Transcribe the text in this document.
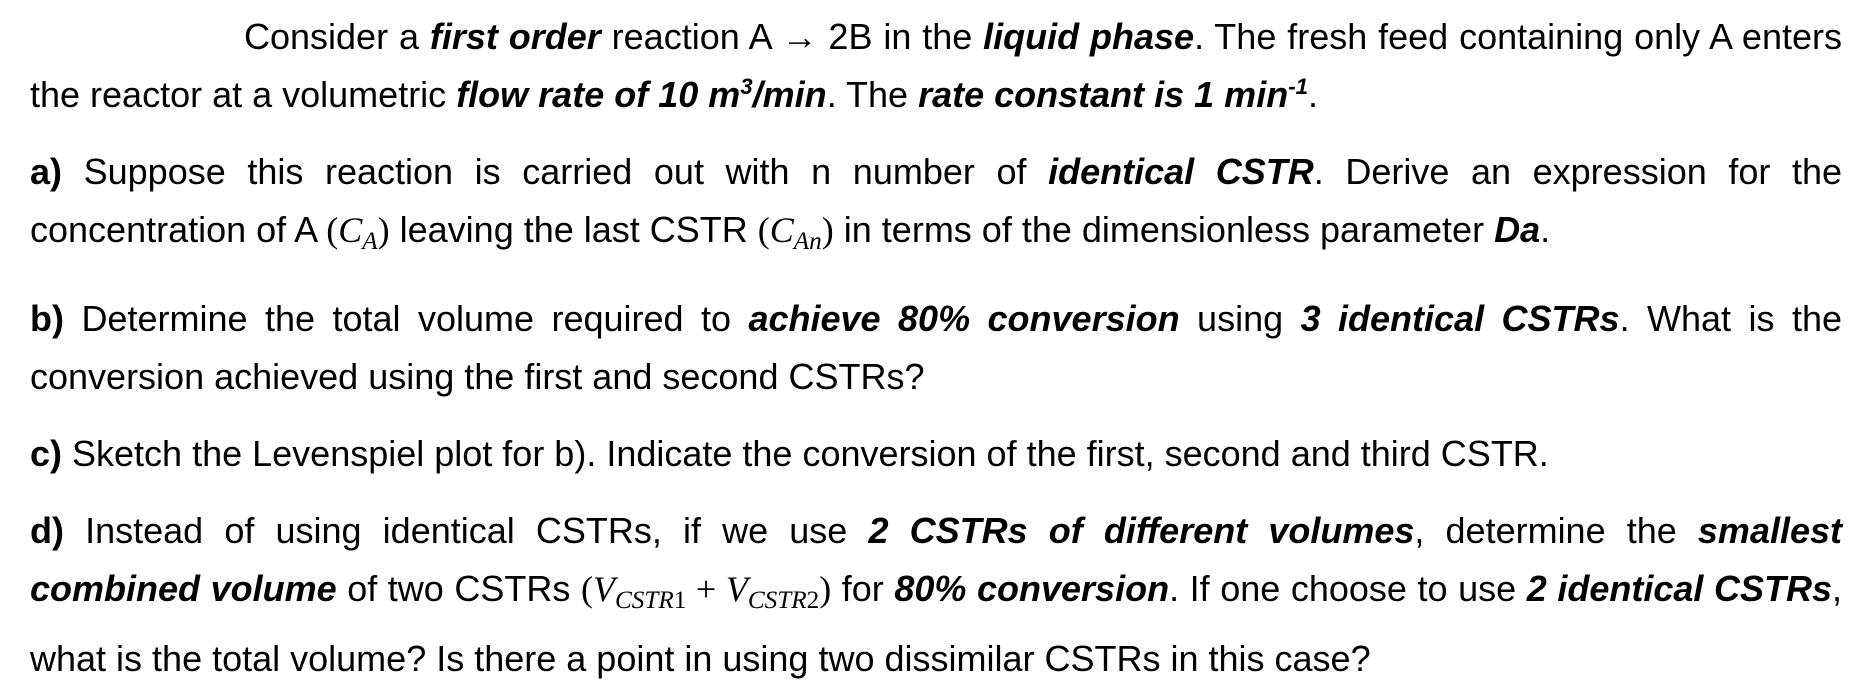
Consider a first order reaction A → 2B in the liquid phase. The fresh feed containing only A enters the reactor at a volumetric flow rate of 10 $m^3/\min$. The rate constant is 1 $\min^{-1}$.

a) Suppose this reaction is carried out with n number of identical CSTR. Derive an expression for the concentration of A (CA) leaving the last CSTR (CAn) in terms of the dimensionless parameter Da.

b) Determine the total volume required to achieve 80% conversion using 3 identical CSTRs. What is the conversion achieved using the first and second CSTRs?

c) Sketch the Levenspiel plot for b). Indicate the conversion of the first, second and third CSTR.

d) Instead of using identical CSTRs, if we use 2 CSTRs of different volumes, determine the smallest combined volume of two CSTRs (VCSTR1 + VCSTR2) for 80% conversion. If one choose to use 2 identical CSTRs, what is the total volume? Is there a point in using two dissimilar CSTRs in this case?
